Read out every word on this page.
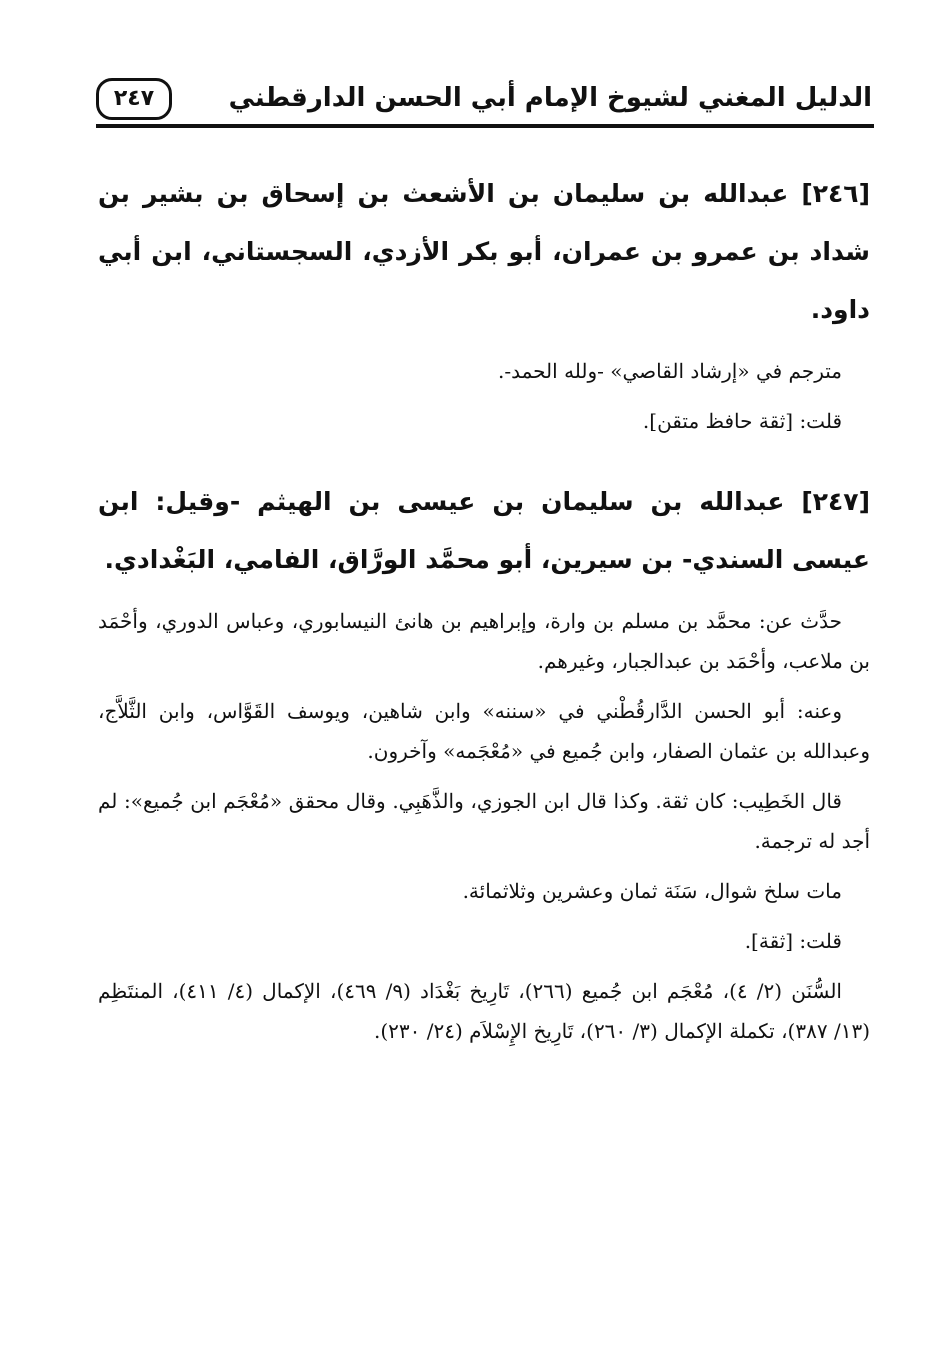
الدليل المغني لشيوخ الإمام أبي الحسن الدارقطني
٢٤٧
[٢٤٦] عبدالله بن سليمان بن الأشعث بن إسحاق بن بشير بن شداد بن عمرو بن عمران، أبو بكر الأزدي، السجستاني، ابن أبي داود.
مترجم في «إرشاد القاصي» -ولله الحمد-.
قلت: [ثقة حافظ متقن].
[٢٤٧] عبدالله بن سليمان بن عيسى بن الهيثم -وقيل: ابن عيسى السندي- بن سيرين، أبو محمَّد الورَّاق، الفامي، البَغْدادي.
حدَّث عن: محمَّد بن مسلم بن وارة، وإبراهيم بن هانئ النيسابوري، وعباس الدوري، وأحْمَد بن ملاعب، وأحْمَد بن عبدالجبار، وغيرهم.
وعنه: أبو الحسن الدَّارقُطْني في «سننه» وابن شاهين، ويوسف القَوَّاس، وابن الثَّلاَّج، وعبدالله بن عثمان الصفار، وابن جُميع في «مُعْجَمه» وآخرون.
قال الخَطِيب: كان ثقة. وكذا قال ابن الجوزي، والذَّهَبِي. وقال محقق «مُعْجَم ابن جُميع»: لم أجد له ترجمة.
مات سلخ شوال، سَنَة ثمان وعشرين وثلاثمائة.
قلت: [ثقة].
السُّنَن (٢/ ٤)، مُعْجَم ابن جُميع (٢٦٦)، تَارِيخ بَغْدَاد (٩/ ٤٦٩)، الإكمال (٤/ ٤١١)، المنتَظِم (١٣/ ٣٨٧)، تكملة الإكمال (٣/ ٢٦٠)، تَارِيخ الإِسْلاَم (٢٤/ ٢٣٠).
